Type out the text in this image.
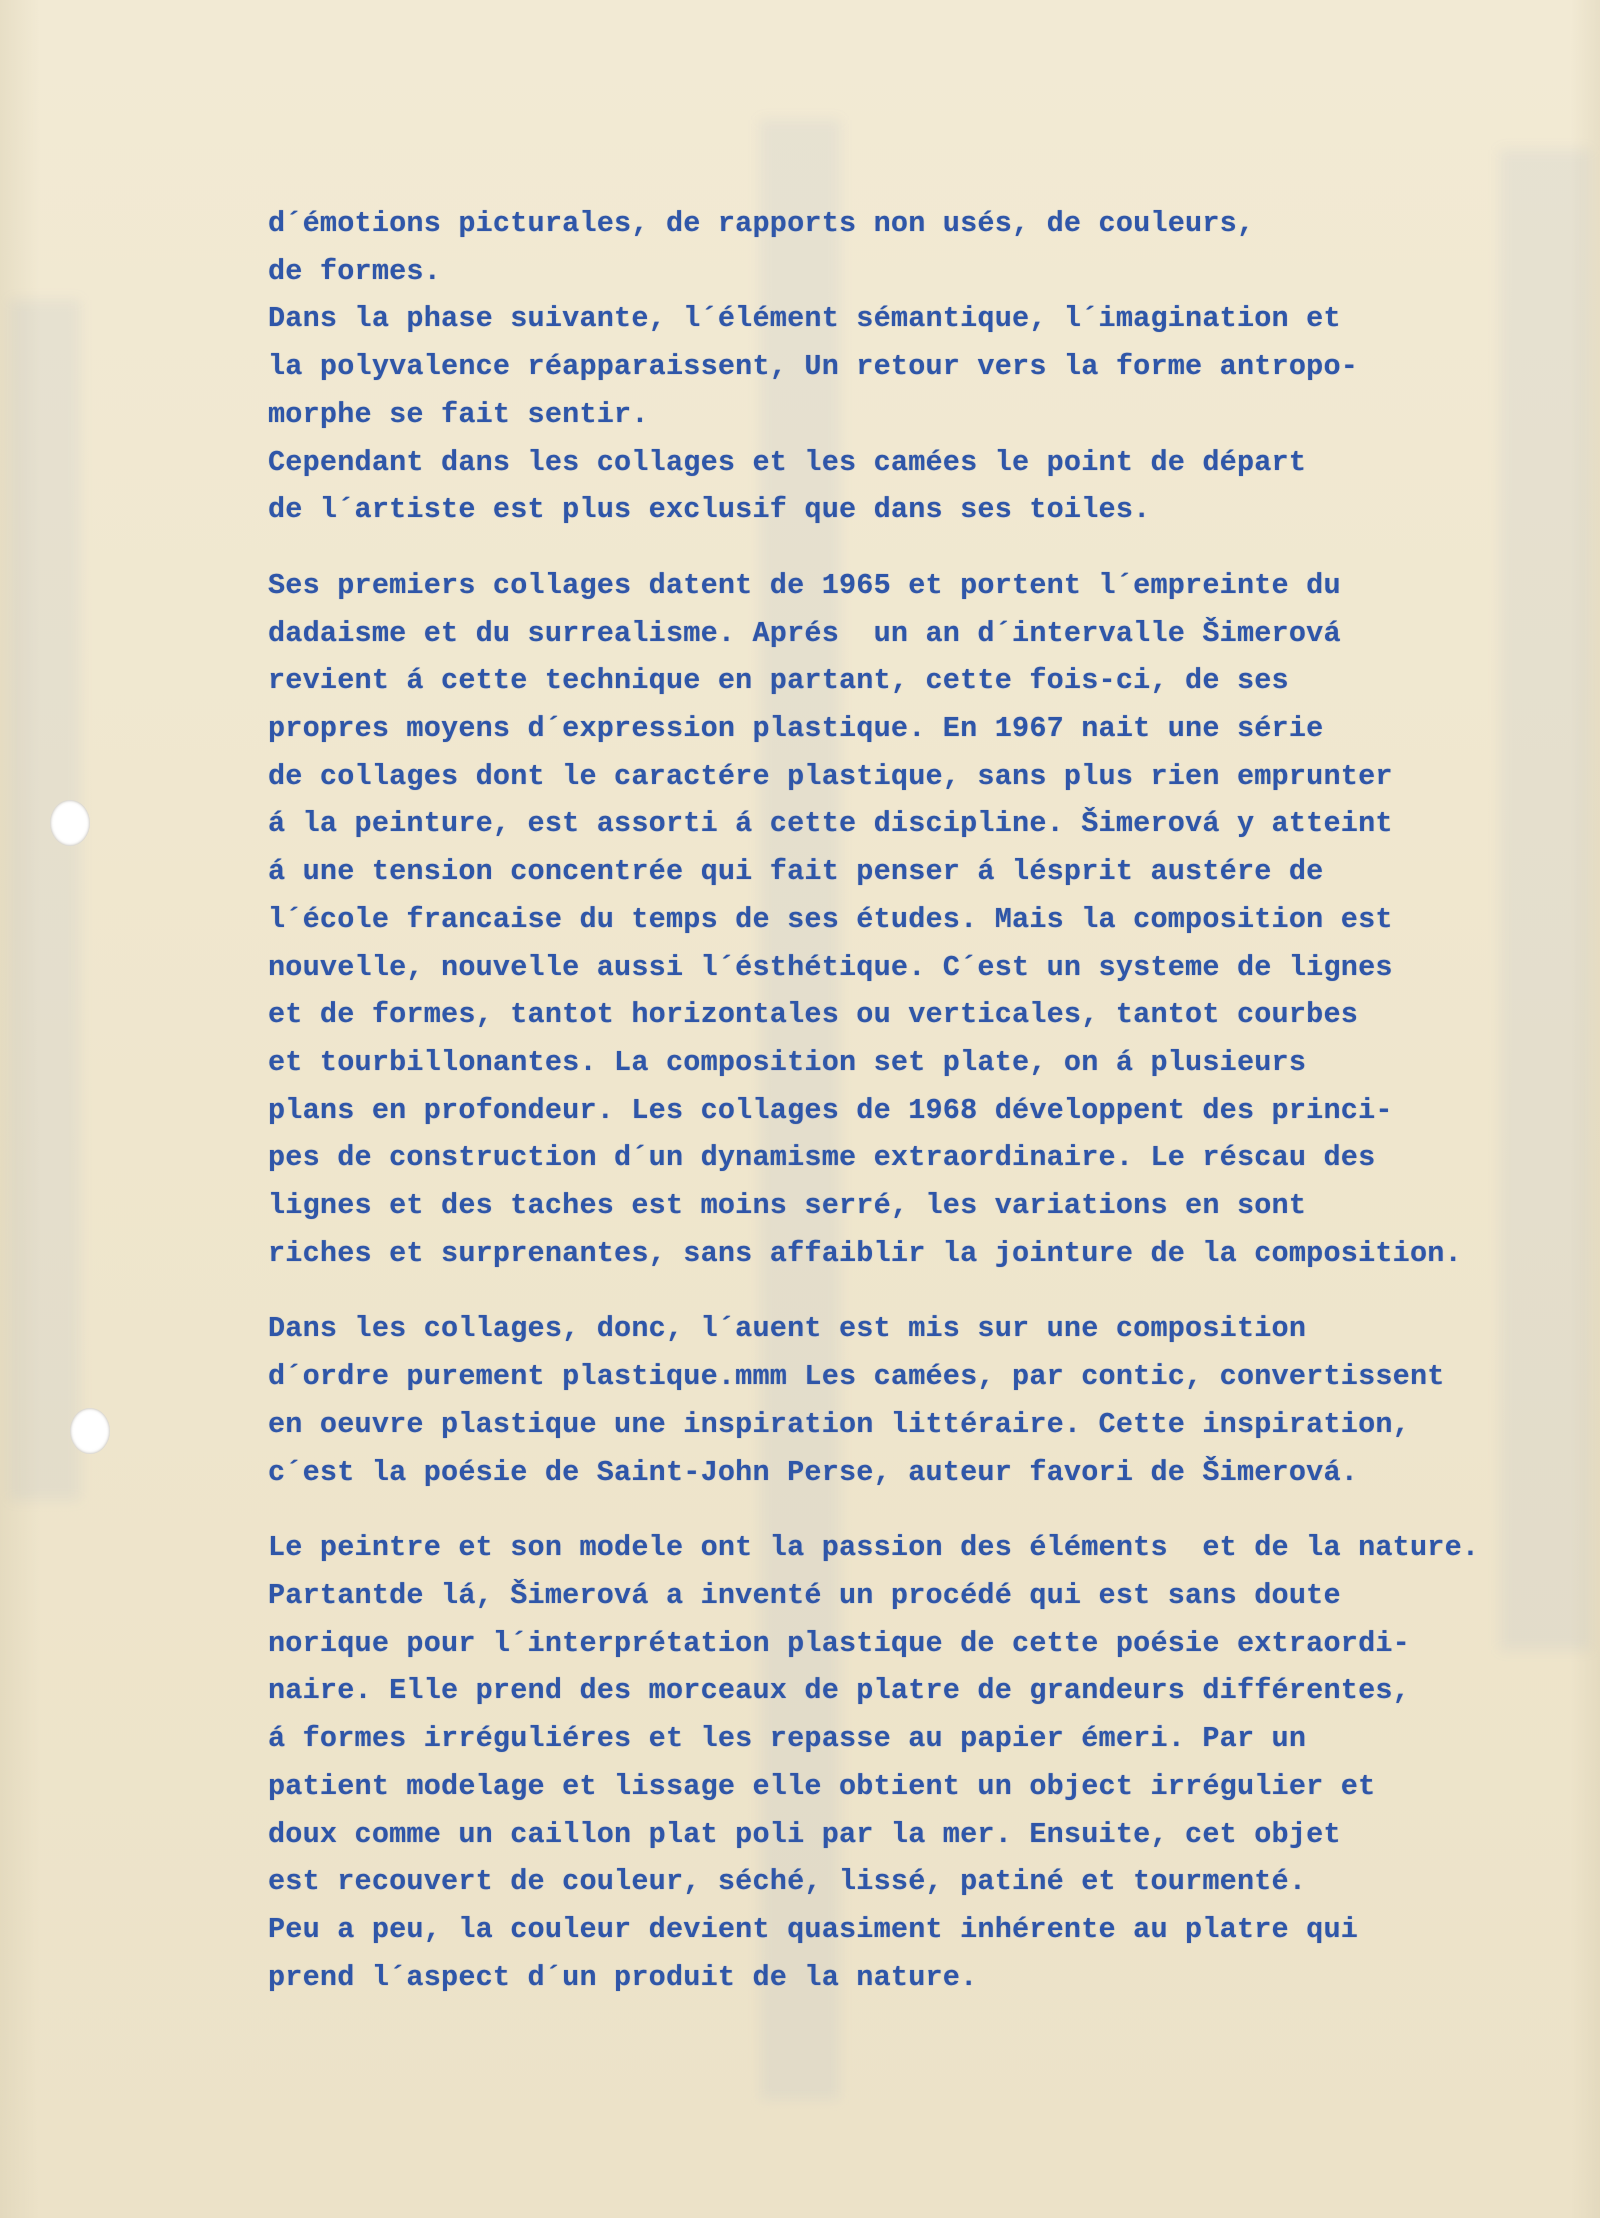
d´émotions picturales, de rapports non usés, de couleurs,
de formes.
Dans la phase suivante, l´élément sémantique, l´imagination et
la polyvalence réapparaissent, Un retour vers la forme antropo-
morphe se fait sentir.
Cependant dans les collages et les camées le point de départ
de l´artiste est plus exclusif que dans ses toiles.
Ses premiers collages datent de 1965 et portent l´empreinte du
dadaisme et du surrealisme. Aprés  un an d´intervalle Šimerová
revient á cette technique en partant, cette fois-ci, de ses
propres moyens d´expression plastique. En 1967 nait une série
de collages dont le caractére plastique, sans plus rien emprunter
á la peinture, est assorti á cette discipline. Šimerová y atteint
á une tension concentrée qui fait penser á lésprit austére de
l´école francaise du temps de ses études. Mais la composition est
nouvelle, nouvelle aussi l´ésthétique. C´est un systeme de lignes
et de formes, tantot horizontales ou verticales, tantot courbes
et tourbillonantes. La composition set plate, on á plusieurs
plans en profondeur. Les collages de 1968 développent des princi-
pes de construction d´un dynamisme extraordinaire. Le réscau des
lignes et des taches est moins serré, les variations en sont
riches et surprenantes, sans affaiblir la jointure de la composition.
Dans les collages, donc, l´auent est mis sur une composition
d´ordre purement plastique.mmm Les camées, par contic, convertissent
en oeuvre plastique une inspiration littéraire. Cette inspiration,
c´est la poésie de Saint-John Perse, auteur favori de Šimerová.
Le peintre et son modele ont la passion des éléments  et de la nature.
Partantde lá, Šimerová a inventé un procédé qui est sans doute
norique pour l´interprétation plastique de cette poésie extraordi-
naire. Elle prend des morceaux de platre de grandeurs différentes,
á formes irréguliéres et les repasse au papier émeri. Par un
patient modelage et lissage elle obtient un object irrégulier et
doux comme un caillon plat poli par la mer. Ensuite, cet objet
est recouvert de couleur, séché, lissé, patiné et tourmenté.
Peu a peu, la couleur devient quasiment inhérente au platre qui
prend l´aspect d´un produit de la nature.
